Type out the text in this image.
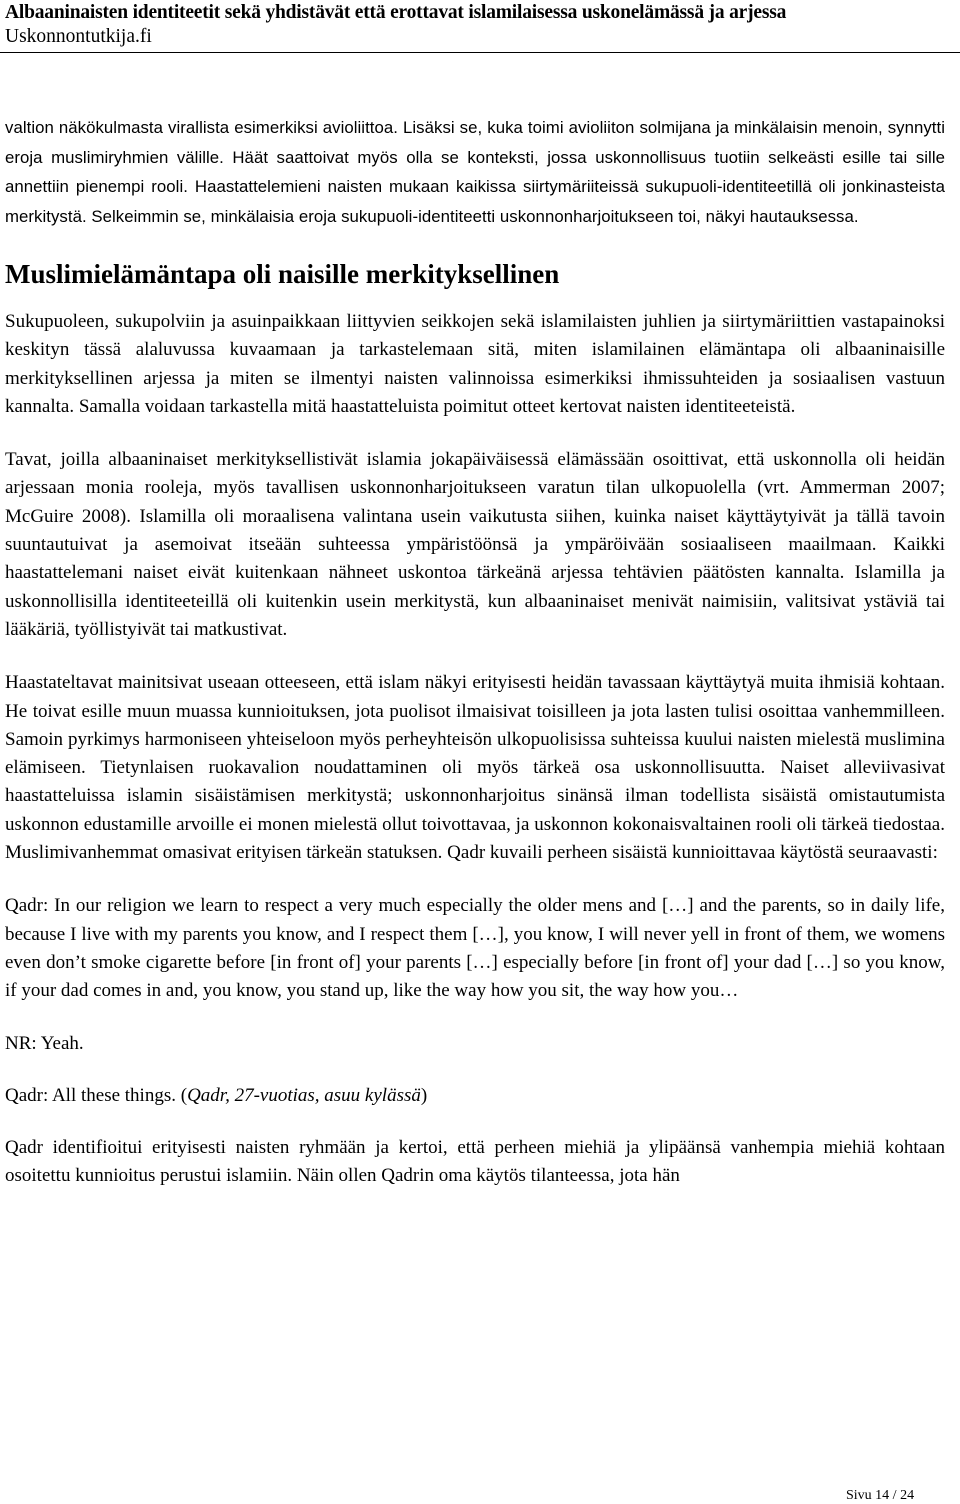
Albaaninaisten identiteetit sekä yhdistävät että erottavat islamilaisessa uskonelämässä ja arjessa
Uskonnontutkija.fi

valtion näkökulmasta virallista esimerkiksi avioliittoa. Lisäksi se, kuka toimi avioliiton solmijana ja minkälaisin menoin, synnytti eroja muslimiryhmien välille. Häät saattoivat myös olla se konteksti, jossa uskonnollisuus tuotiin selkeästi esille tai sille annettiin pienempi rooli. Haastattelemieni naisten mukaan kaikissa siirtymäriiteissä sukupuoli-identiteetillä oli jonkinasteista merkitystä. Selkeimmin se, minkälaisia eroja sukupuoli-identiteetti uskonnonharjoitukseen toi, näkyi hautauksessa.

Muslimielämäntapa oli naisille merkityksellinen

Sukupuoleen, sukupolviin ja asuinpaikkaan liittyvien seikkojen sekä islamilaisten juhlien ja siirtymäriittien vastapainoksi keskityn tässä alaluvussa kuvaamaan ja tarkastelemaan sitä, miten islamilainen elämäntapa oli albaaninaisille merkityksellinen arjessa ja miten se ilmentyi naisten valinnoissa esimerkiksi ihmissuhteiden ja sosiaalisen vastuun kannalta. Samalla voidaan tarkastella mitä haastatteluista poimitut otteet kertovat naisten identiteeteistä.

Tavat, joilla albaaninaiset merkityksellistivät islamia jokapäiväisessä elämässään osoittivat, että uskonnolla oli heidän arjessaan monia rooleja, myös tavallisen uskonnonharjoitukseen varatun tilan ulkopuolella (vrt. Ammerman 2007; McGuire 2008). Islamilla oli moraalisena valintana usein vaikutusta siihen, kuinka naiset käyttäytyivät ja tällä tavoin suuntautuivat ja asemoivat itseään suhteessa ympäristöönsä ja ympäröivään sosiaaliseen maailmaan. Kaikki haastattelemani naiset eivät kuitenkaan nähneet uskontoa tärkeänä arjessa tehtävien päätösten kannalta. Islamilla ja uskonnollisilla identiteeteillä oli kuitenkin usein merkitystä, kun albaaninaiset menivät naimisiin, valitsivat ystäviä tai lääkäriä, työllistyivät tai matkustivat.

Haastateltavat mainitsivat useaan otteeseen, että islam näkyi erityisesti heidän tavassaan käyttäytyä muita ihmisiä kohtaan. He toivat esille muun muassa kunnioituksen, jota puolisot ilmaisivat toisilleen ja jota lasten tulisi osoittaa vanhemmilleen. Samoin pyrkimys harmoniseen yhteiseloon myös perheyhteisön ulkopuolisissa suhteissa kuului naisten mielestä muslimina elämiseen. Tietynlaisen ruokavalion noudattaminen oli myös tärkeä osa uskonnollisuutta. Naiset alleviivasivat haastatteluissa islamin sisäistämisen merkitystä; uskonnonharjoitus sinänsä ilman todellista sisäistä omistautumista uskonnon edustamille arvoille ei monen mielestä ollut toivottavaa, ja uskonnon kokonaisvaltainen rooli oli tärkeä tiedostaa. Muslimivanhemmat omasivat erityisen tärkeän statuksen. Qadr kuvaili perheen sisäistä kunnioittavaa käytöstä seuraavasti:

Qadr: In our religion we learn to respect a very much especially the older mens and […] and the parents, so in daily life, because I live with my parents you know, and I respect them […], you know, I will never yell in front of them, we womens even don’t smoke cigarette before [in front of] your parents […] especially before [in front of] your dad […] so you know, if your dad comes in and, you know, you stand up, like the way how you sit, the way how you…

NR: Yeah.

Qadr: All these things. (Qadr, 27-vuotias, asuu kylässä)

Qadr identifioitui erityisesti naisten ryhmään ja kertoi, että perheen miehiä ja ylipäänsä vanhempia miehiä kohtaan osoitettu kunnioitus perustui islamiin. Näin ollen Qadrin oma käytös tilanteessa, jota hän

Sivu 14 / 24
